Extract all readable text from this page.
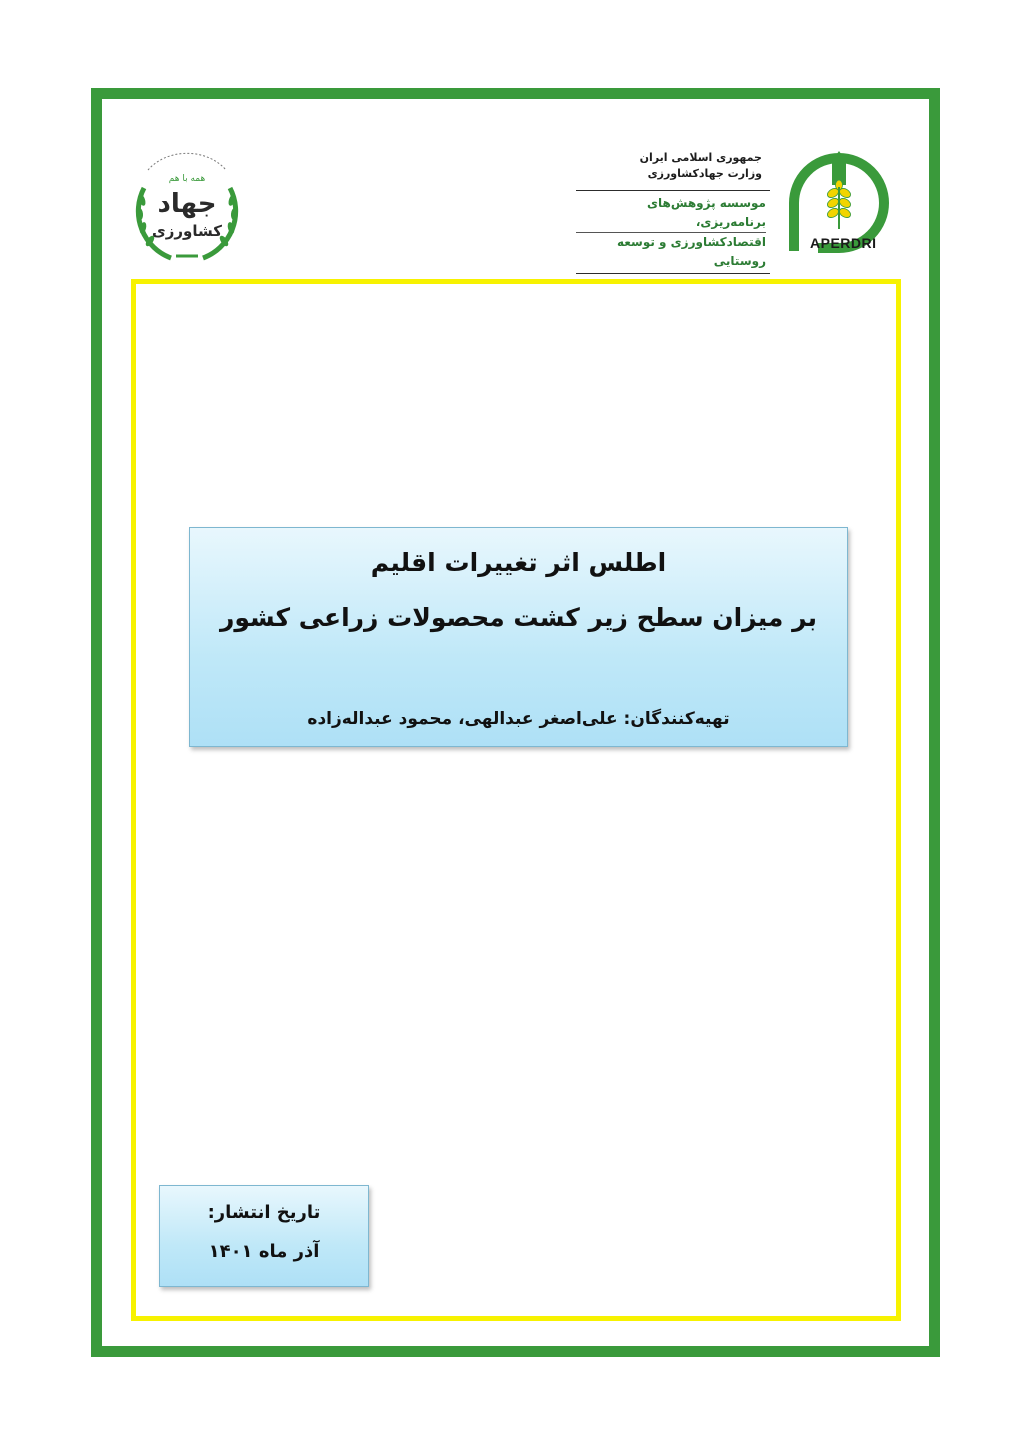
همه با هم
جهاد
کشاورزی
جمهوری اسلامی ایران
وزارت جهادکشاورزی
موسسه پژوهش‌های برنامه‌ریزی،
اقتصادکشاورزی و توسعه روستایی
APERDRI
اطلس اثر تغییرات اقلیم
بر میزان سطح زیر کشت محصولات زراعی کشور
تهیه‌کنندگان: علی‌اصغر عبدالهی، محمود عبداله‌زاده
تاریخ انتشار:
آذر ماه ۱۴۰۱
